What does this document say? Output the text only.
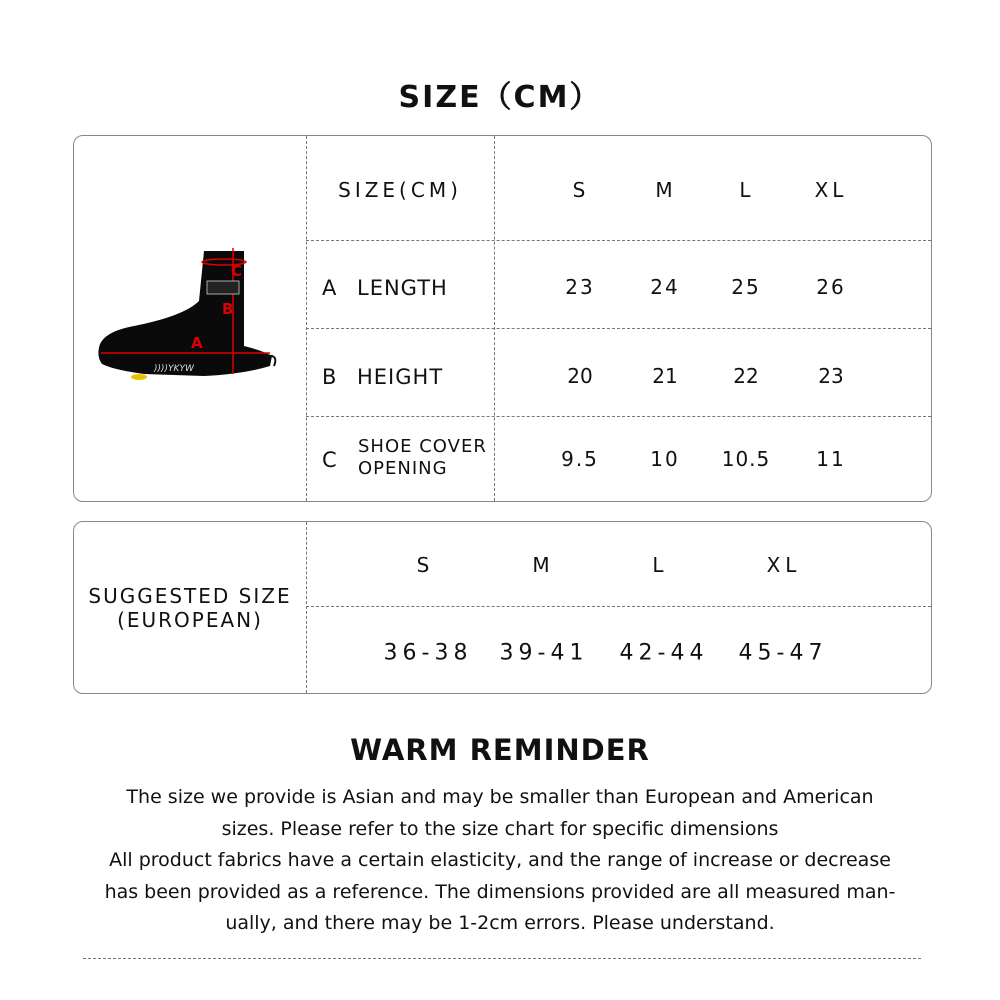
SIZE（CM）
C
B
A
))))YKYW
SIZE(CM)	S	M	L	XL
A LENGTH	23	24	25	26
B HEIGHT	20	21	22	23
C
SHOE COVER
OPENING	9.5	10 10.5 11
SUGGESTED SIZE
(EUROPEAN)
S	M	L	XL
36-38 39-41 42-44 45-47
WARM REMINDER
The size we provide is Asian and may be smaller than European and American
sizes. Please refer to the size chart for specific dimensions
All product fabrics have a certain elasticity, and the range of increase or decrease
has been provided as a reference. The dimensions provided are all measured man-
ually, and there may be 1-2cm errors. Please understand.
